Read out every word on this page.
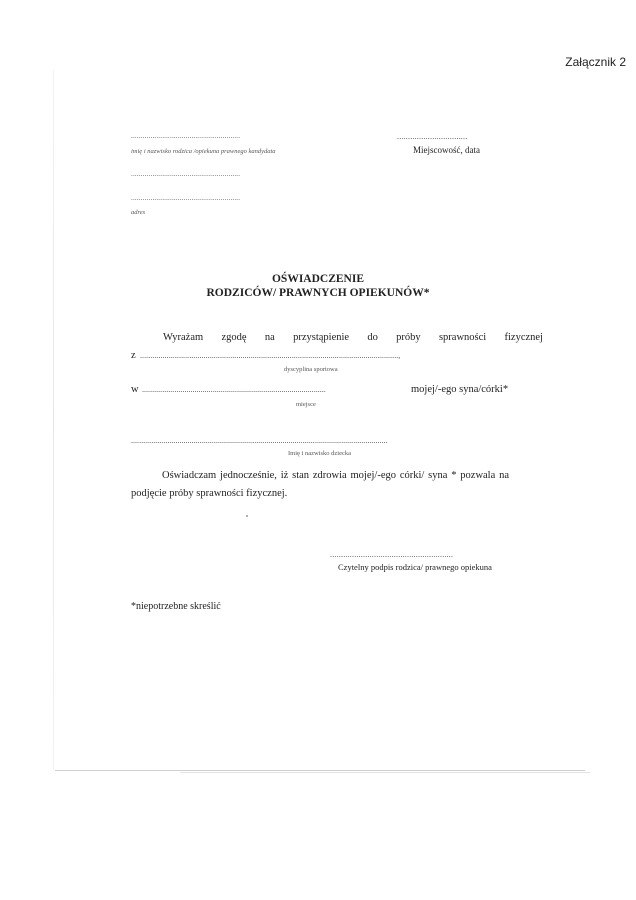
Załącznik 2
........................................................
imię i nazwisko rodzica /opiekuna prawnego kandydata
................................
Miejscowość, data
........................................................
........................................................
adres
OŚWIADCZENIE
RODZICÓW/ PRAWNYCH OPIEKUNÓW*
Wyrażam zgodę na przystąpienie do próby sprawności fizycznej
z ..............................................................................................................................,
dyscyplina sportowa
w ...........................................................................................	mojej/-ego syna/córki*
miejsce
...............................................................................................................................
Imię i nazwisko dziecka
Oświadczam jednocześnie, iż stan zdrowia mojej/-ego córki/ syna * pozwala na
podjęcie próby sprawności fizycznej.
........................................................
Czytelny podpis rodzica/ prawnego opiekuna
*niepotrzebne skreślić
